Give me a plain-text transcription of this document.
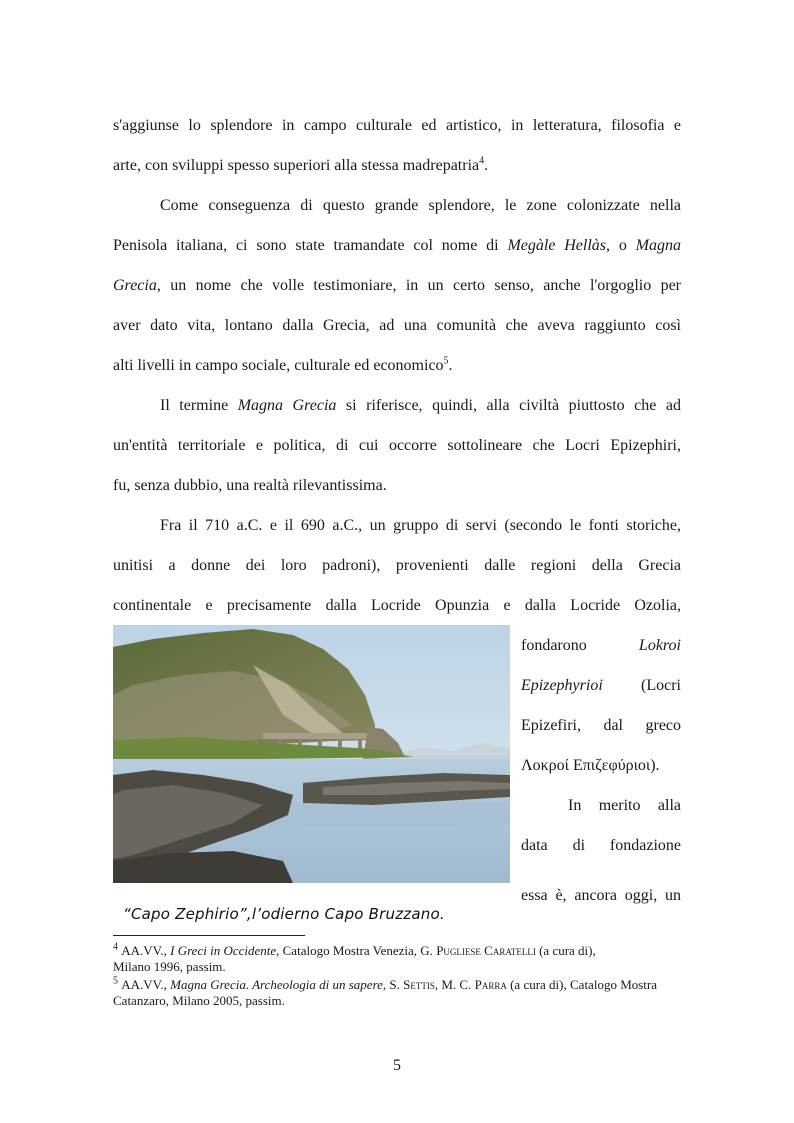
s'aggiunse lo splendore in campo culturale ed artistico, in letteratura, filosofia e
arte, con sviluppi spesso superiori alla stessa madrepatria$^4$.
Come conseguenza di questo grande splendore, le zone colonizzate nella
Penisola italiana, ci sono state tramandate col nome di Megàle Hellàs, o Magna
Grecia, un nome che volle testimoniare, in un certo senso, anche l'orgoglio per
aver dato vita, lontano dalla Grecia, ad una comunità che aveva raggiunto così
alti livelli in campo sociale, culturale ed economico$^5$.
Il termine Magna Grecia si riferisce, quindi, alla civiltà piuttosto che ad
un'entità territoriale e politica, di cui occorre sottolineare che Locri Epizephiri,
fu, senza dubbio, una realtà rilevantissima.
Fra il 710 a.C. e il 690 a.C., un gruppo di servi (secondo le fonti storiche,
unitisi a donne dei loro padroni), provenienti dalle regioni della Grecia
continentale e precisamente dalla Locride Opunzia e dalla Locride Ozolia,
fondarono	Lokroi
Epizephyrioi (Locri
Epizefiri, dal greco
Λοκροί Επιζεφύριοι).
In merito alla
data di fondazione
essa è, ancora oggi, un
“Capo Zephirio”,l’odierno Capo Bruzzano.
$^4$ AA.VV., I Greci in Occidente, Catalogo Mostra Venezia, G. Pugliese Caratelli (a cura di),
Milano 1996, passim.
$^5$ AA.VV., Magna Grecia. Archeologia di un sapere, S. Settis, M. C. Parra (a cura di), Catalogo Mostra
Catanzaro, Milano 2005, passim.
5
